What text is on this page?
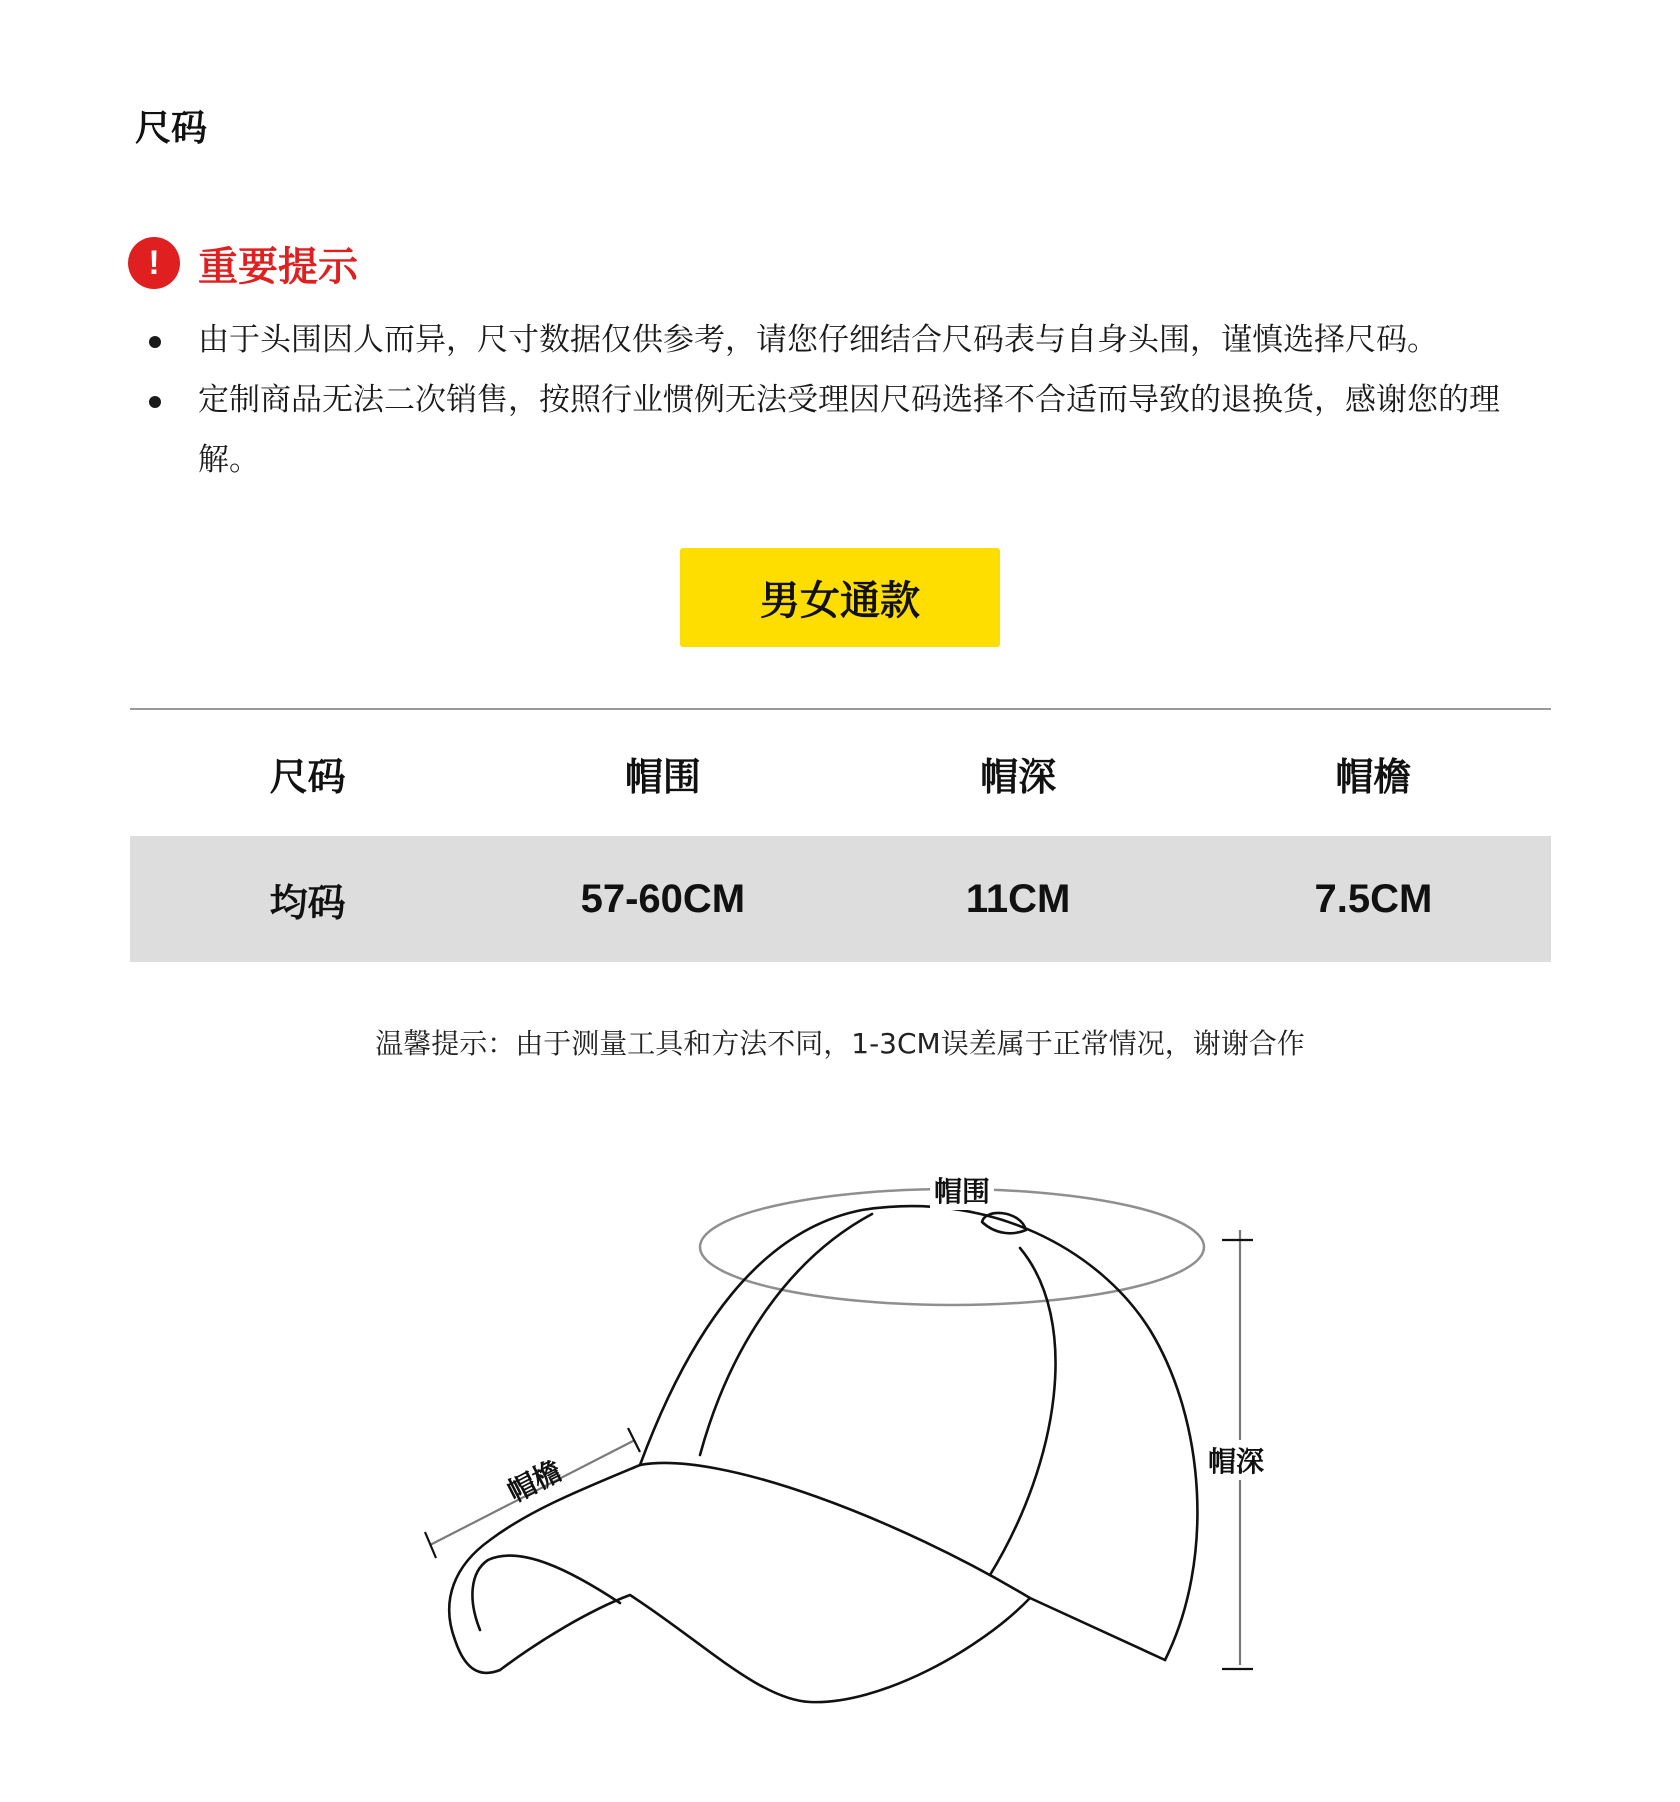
尺码
! 重要提示
由于头围因人而异，尺寸数据仅供参考，请您仔细结合尺码表与自身头围，谨慎选择尺码。
定制商品无法二次销售，按照行业惯例无法受理因尺码选择不合适而导致的退换货，感谢您的理解。
男女通款
尺码	帽围	帽深	帽檐
均码	57-60CM	11CM	7.5CM
温馨提示：由于测量工具和方法不同，1-3CM误差属于正常情况，谢谢合作
帽围
帽深
帽檐
